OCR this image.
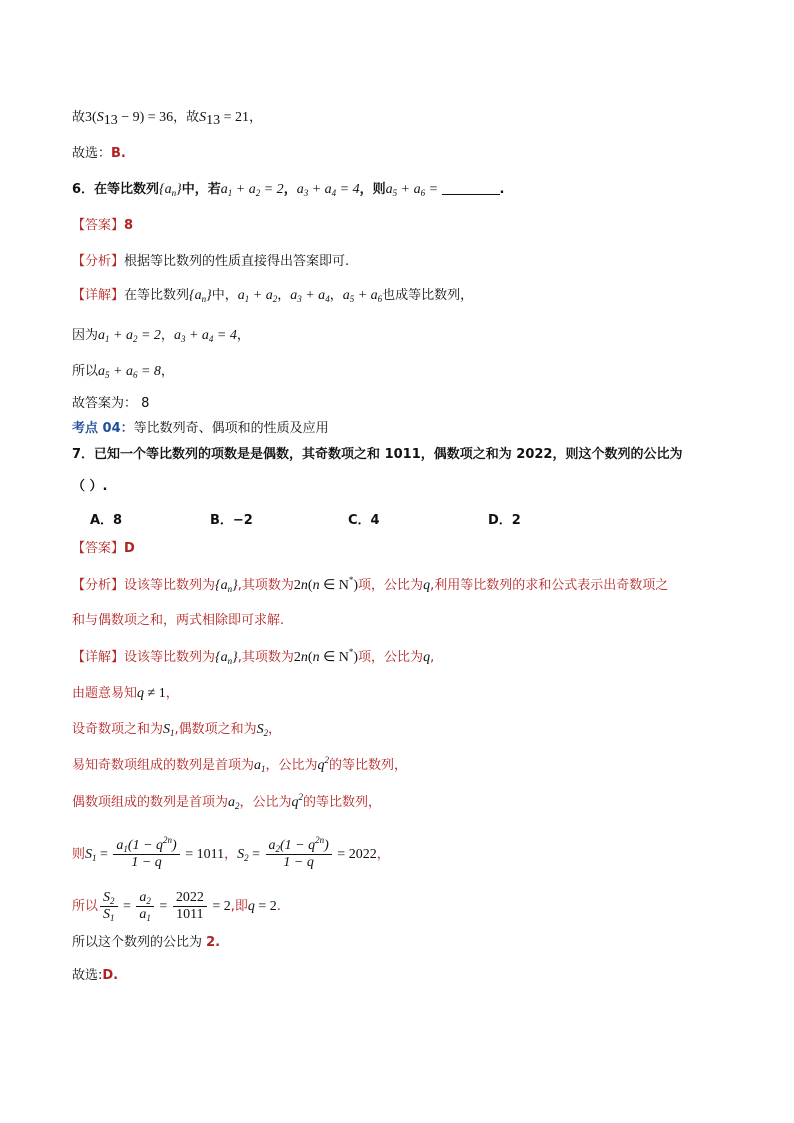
故$3(S_{13} - 9) = 36$，故$S_{13} = 21$，
故选：B.
6．在等比数列$\{a_n\}$中，若$a_1 + a_2 = 2$，$a_3 + a_4 = 4$，则$a_5 + a_6$ =	.
【答案】8
【分析】根据等比数列的性质直接得出答案即可.
【详解】在等比数列$\{a_n\}$中，$a_1 + a_2$，$a_3 + a_4$，$a_5 + a_6$也成等比数列，
因为$a_1 + a_2 = 2$，$a_3 + a_4 = 4$，
所以$a_5 + a_6 = 8$，
故答案为： 8
考点 04：等比数列奇、偶项和的性质及应用
7．已知一个等比数列的项数是是偶数，其奇数项之和 1011，偶数项之和为 2022，则这个数列的公比为
（ ）.
A．8	B．−2	C．4	D．2
【答案】D
【分析】设该等比数列为$\{a_n\}$,其项数为2n(n ∈ N*)项，公比为q,利用等比数列的求和公式表示出奇数项之
和与偶数项之和，两式相除即可求解.
【详解】设该等比数列为$\{a_n\}$,其项数为2n(n ∈ N*)项，公比为q,
由题意易知q ≠ 1，
设奇数项之和为$S_1$,偶数项之和为$S_2$，
易知奇数项组成的数列是首项为$a_1$，公比为$q^2$的等比数列，
偶数项组成的数列是首项为$a_2$，公比为$q^2$的等比数列，
则$S_1 = \frac{a_1(1 - q^{2n})}{1 - q} = 1011$，$S_2 = \frac{a_2(1 - q^{2n})}{1 - q} = 2022$，
所以 $\frac{S_2}{S_1} = \frac{a_2}{a_1} = \frac{2022}{1011} = 2$,即q = 2.
所以这个数列的公比为 2.
故选:D.
